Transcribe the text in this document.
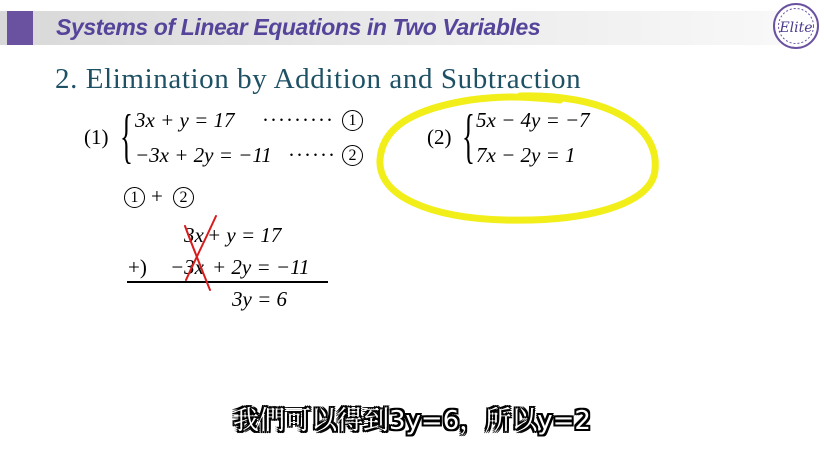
Systems of Linear Equations in Two Variables	Elite
2. Elimination by Addition and Subtraction
(1) { 3x + y = 17 ········· 1
−3x + 2y = −11 ······ 2
(2) { 5x − 4y = −7
7x − 2y = 1
1 +	2
3x + y = 17
+) −3x + 2y = −11
3y = 6
我們可以得到3y=6，所以y=2
